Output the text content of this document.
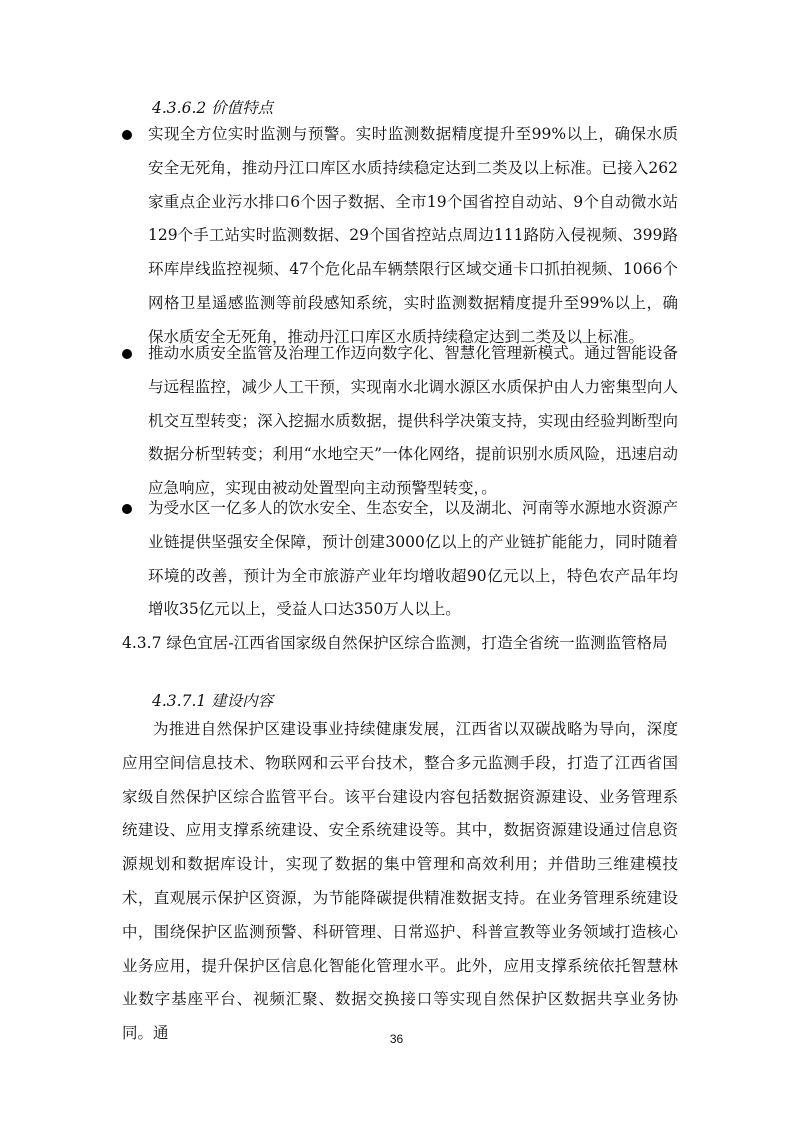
4.3.6.2 价值特点
实现全方位实时监测与预警。实时监测数据精度提升至99%以上，确保水质安全无死角，推动丹江口库区水质持续稳定达到二类及以上标准。已接入262家重点企业污水排口6个因子数据、全市19个国省控自动站、9个自动微水站129个手工站实时监测数据、29个国省控站点周边111路防入侵视频、399路环库岸线监控视频、47个危化品车辆禁限行区域交通卡口抓拍视频、1066个网格卫星遥感监测等前段感知系统，实时监测数据精度提升至99%以上，确保水质安全无死角，推动丹江口库区水质持续稳定达到二类及以上标准。
推动水质安全监管及治理工作迈向数字化、智慧化管理新模式。通过智能设备与远程监控，减少人工干预，实现南水北调水源区水质保护由人力密集型向人机交互型转变；深入挖掘水质数据，提供科学决策支持，实现由经验判断型向数据分析型转变；利用“水地空天”一体化网络，提前识别水质风险，迅速启动应急响应，实现由被动处置型向主动预警型转变，。
为受水区一亿多人的饮水安全、生态安全，以及湖北、河南等水源地水资源产业链提供坚强安全保障，预计创建3000亿以上的产业链扩能能力，同时随着环境的改善，预计为全市旅游产业年均增收超90亿元以上，特色农产品年均增收35亿元以上，受益人口达350万人以上。
4.3.7 绿色宜居-江西省国家级自然保护区综合监测，打造全省统一监测监管格局
4.3.7.1 建设内容
为推进自然保护区建设事业持续健康发展，江西省以双碳战略为导向，深度应用空间信息技术、物联网和云平台技术，整合多元监测手段，打造了江西省国家级自然保护区综合监管平台。该平台建设内容包括数据资源建设、业务管理系统建设、应用支撑系统建设、安全系统建设等。其中，数据资源建设通过信息资源规划和数据库设计，实现了数据的集中管理和高效利用；并借助三维建模技术，直观展示保护区资源，为节能降碳提供精准数据支持。在业务管理系统建设中，围绕保护区监测预警、科研管理、日常巡护、科普宣教等业务领域打造核心业务应用，提升保护区信息化智能化管理水平。此外，应用支撑系统依托智慧林业数字基座平台、视频汇聚、数据交换接口等实现自然保护区数据共享业务协同。通	36
